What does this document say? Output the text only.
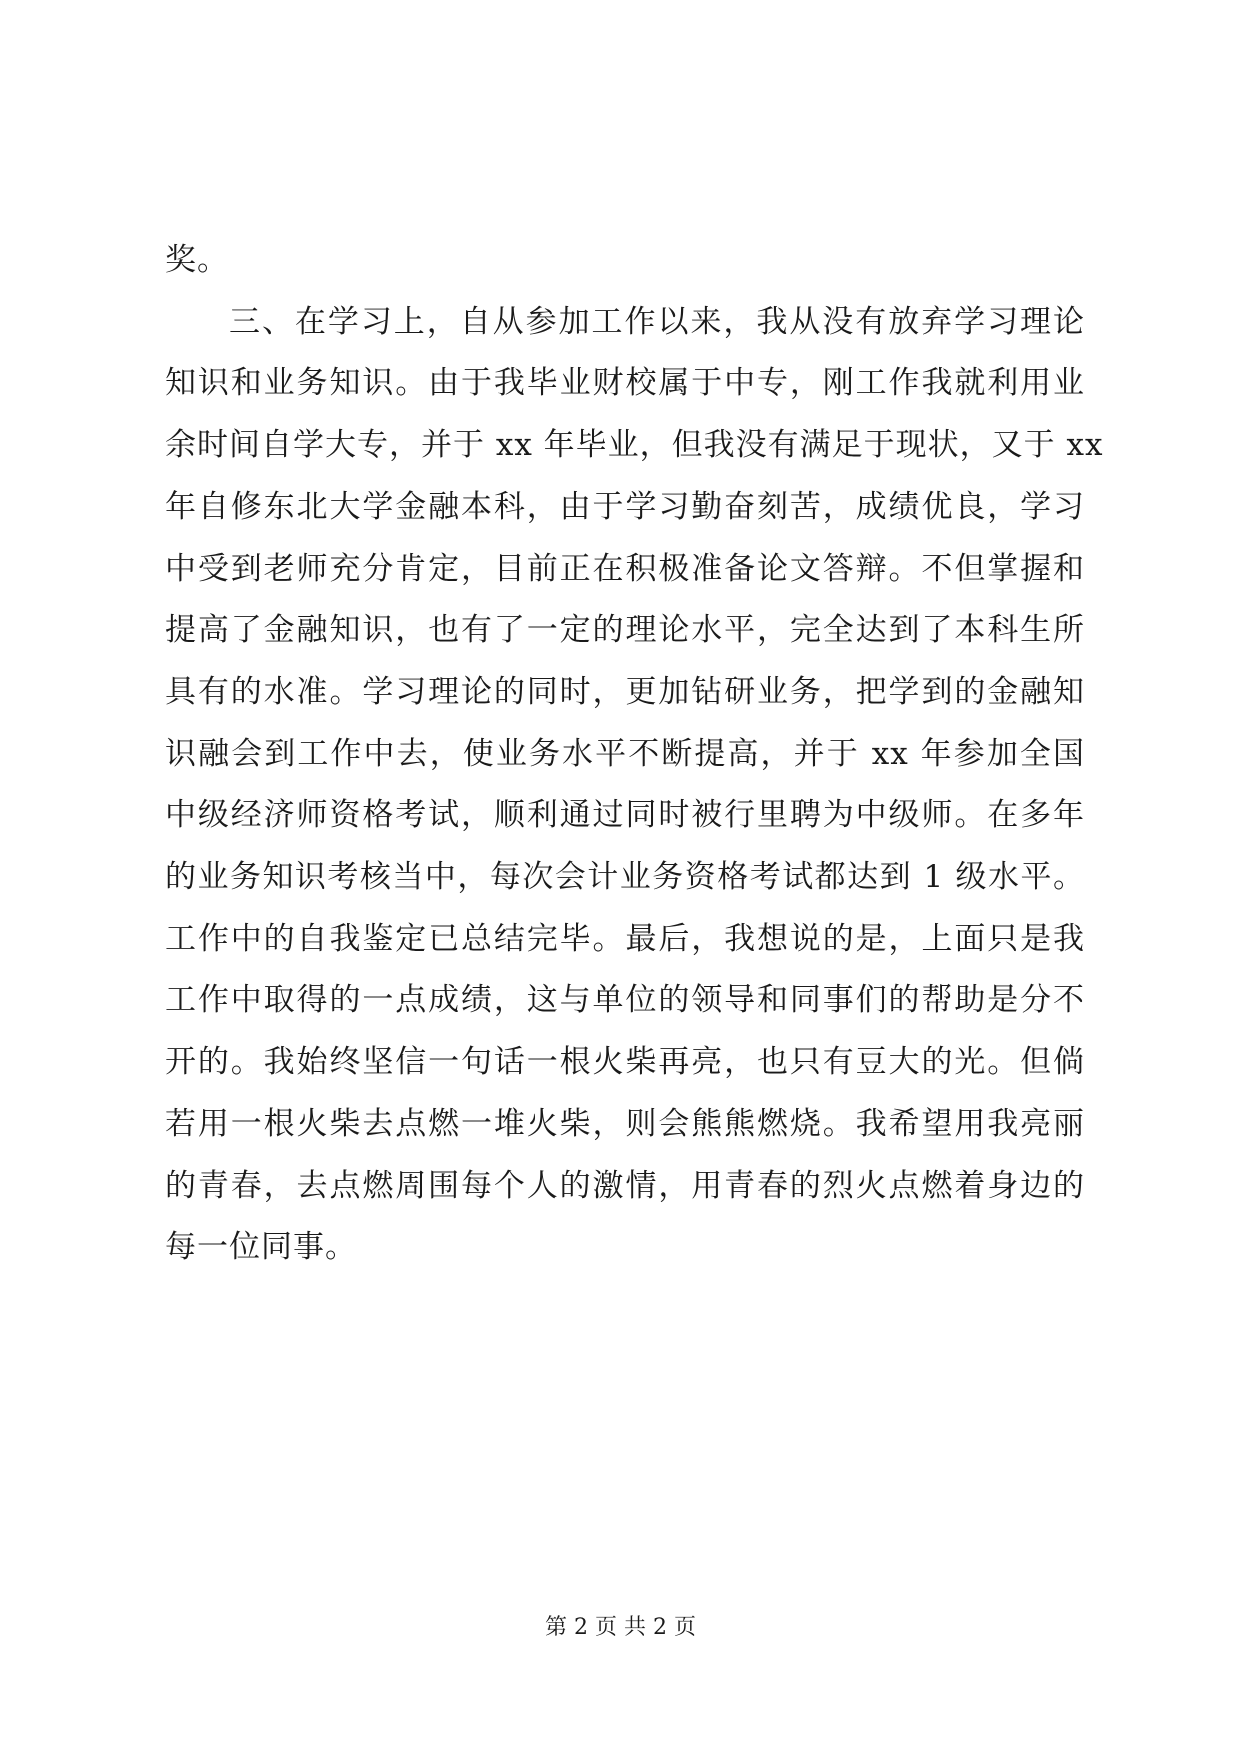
奖。
三、在学习上，自从参加工作以来，我从没有放弃学习理论
知识和业务知识。由于我毕业财校属于中专，刚工作我就利用业
余时间自学大专，并于 xx 年毕业，但我没有满足于现状，又于 xx
年自修东北大学金融本科，由于学习勤奋刻苦，成绩优良，学习
中受到老师充分肯定，目前正在积极准备论文答辩。不但掌握和
提高了金融知识，也有了一定的理论水平，完全达到了本科生所
具有的水准。学习理论的同时，更加钻研业务，把学到的金融知
识融会到工作中去，使业务水平不断提高，并于 xx 年参加全国
中级经济师资格考试，顺利通过同时被行里聘为中级师。在多年
的业务知识考核当中，每次会计业务资格考试都达到 1 级水平。
工作中的自我鉴定已总结完毕。最后，我想说的是，上面只是我
工作中取得的一点成绩，这与单位的领导和同事们的帮助是分不
开的。我始终坚信一句话一根火柴再亮，也只有豆大的光。但倘
若用一根火柴去点燃一堆火柴，则会熊熊燃烧。我希望用我亮丽
的青春，去点燃周围每个人的激情，用青春的烈火点燃着身边的
每一位同事。
第 2 页 共 2 页
